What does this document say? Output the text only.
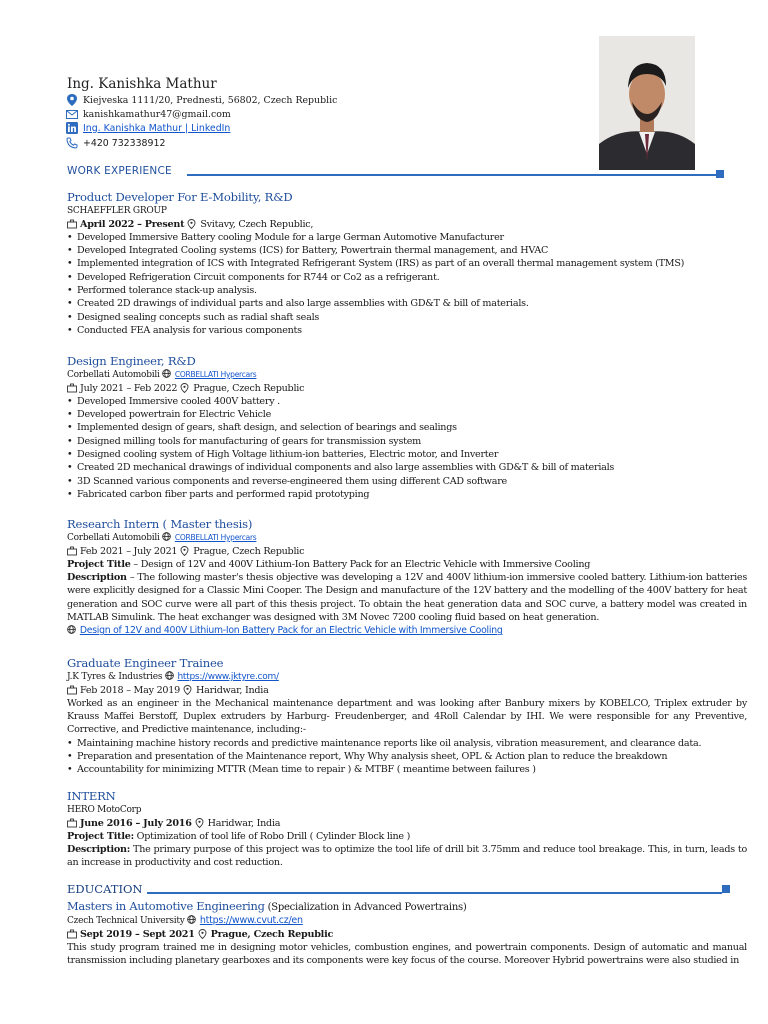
Ing. Kanishka Mathur
Kiejveska 1111/20, Prednesti, 56802, Czech Republic
kanishkamathur47@gmail.com
Ing. Kanishka Mathur | LinkedIn
+420 732338912
WORK EXPERIENCE
Product Developer For E-Mobility, R&D
SCHAEFFLER GROUP
April 2022 – Present Svitavy, Czech Republic,
• Developed Immersive Battery cooling Module for a large German Automotive Manufacturer
• Developed Integrated Cooling systems (ICS) for Battery, Powertrain thermal management, and HVAC
• Implemented integration of ICS with Integrated Refrigerant System (IRS) as part of an overall thermal management system (TMS)
• Developed Refrigeration Circuit components for R744 or Co2 as a refrigerant.
• Performed tolerance stack-up analysis.
• Created 2D drawings of individual parts and also large assemblies with GD&T & bill of materials.
• Designed sealing concepts such as radial shaft seals
• Conducted FEA analysis for various components
Design Engineer, R&D
Corbellati Automobili CORBELLATI Hypercars
July 2021 – Feb 2022 Prague, Czech Republic
• Developed Immersive cooled 400V battery .
• Developed powertrain for Electric Vehicle
• Implemented design of gears, shaft design, and selection of bearings and sealings
• Designed milling tools for manufacturing of gears for transmission system
• Designed cooling system of High Voltage lithium-ion batteries, Electric motor, and Inverter
• Created 2D mechanical drawings of individual components and also large assemblies with GD&T & bill of materials
• 3D Scanned various components and reverse-engineered them using different CAD software
• Fabricated carbon fiber parts and performed rapid prototyping
Research Intern ( Master thesis)
Corbellati Automobili CORBELLATI Hypercars
Feb 2021 – July 2021 Prague, Czech Republic
Project Title – Design of 12V and 400V Lithium-Ion Battery Pack for an Electric Vehicle with Immersive Cooling
Description – The following master's thesis objective was developing a 12V and 400V lithium-ion immersive cooled battery. Lithium-ion batteries were explicitly designed for a Classic Mini Cooper. The Design and manufacture of the 12V battery and the modelling of the 400V battery for heat generation and SOC curve were all part of this thesis project. To obtain the heat generation data and SOC curve, a battery model was created in MATLAB Simulink. The heat exchanger was designed with 3M Novec 7200 cooling fluid based on heat generation.
Design of 12V and 400V Lithium-Ion Battery Pack for an Electric Vehicle with Immersive Cooling
Graduate Engineer Trainee
J.K Tyres & Industries https://www.jktyre.com/
Feb 2018 – May 2019 Haridwar, India
Worked as an engineer in the Mechanical maintenance department and was looking after Banbury mixers by KOBELCO, Triplex extruder by Krauss Maffei Berstoff, Duplex extruders by Harburg- Freudenberger, and 4Roll Calendar by IHI. We were responsible for any Preventive, Corrective, and Predictive maintenance, including:-
• Maintaining machine history records and predictive maintenance reports like oil analysis, vibration measurement, and clearance data.
• Preparation and presentation of the Maintenance report, Why Why analysis sheet, OPL & Action plan to reduce the breakdown
• Accountability for minimizing MTTR (Mean time to repair ) & MTBF ( meantime between failures )
INTERN
HERO MotoCorp
June 2016 – July 2016 Haridwar, India
Project Title: Optimization of tool life of Robo Drill ( Cylinder Block line )
Description: The primary purpose of this project was to optimize the tool life of drill bit 3.75mm and reduce tool breakage. This, in turn, leads to an increase in productivity and cost reduction.
EDUCATION
Masters in Automotive Engineering (Specialization in Advanced Powertrains)
Czech Technical University https://www.cvut.cz/en
Sept 2019 – Sept 2021 Prague, Czech Republic
This study program trained me in designing motor vehicles, combustion engines, and powertrain components. Design of automatic and manual transmission including planetary gearboxes and its components were key focus of the course. Moreover Hybrid powertrains were also studied in
